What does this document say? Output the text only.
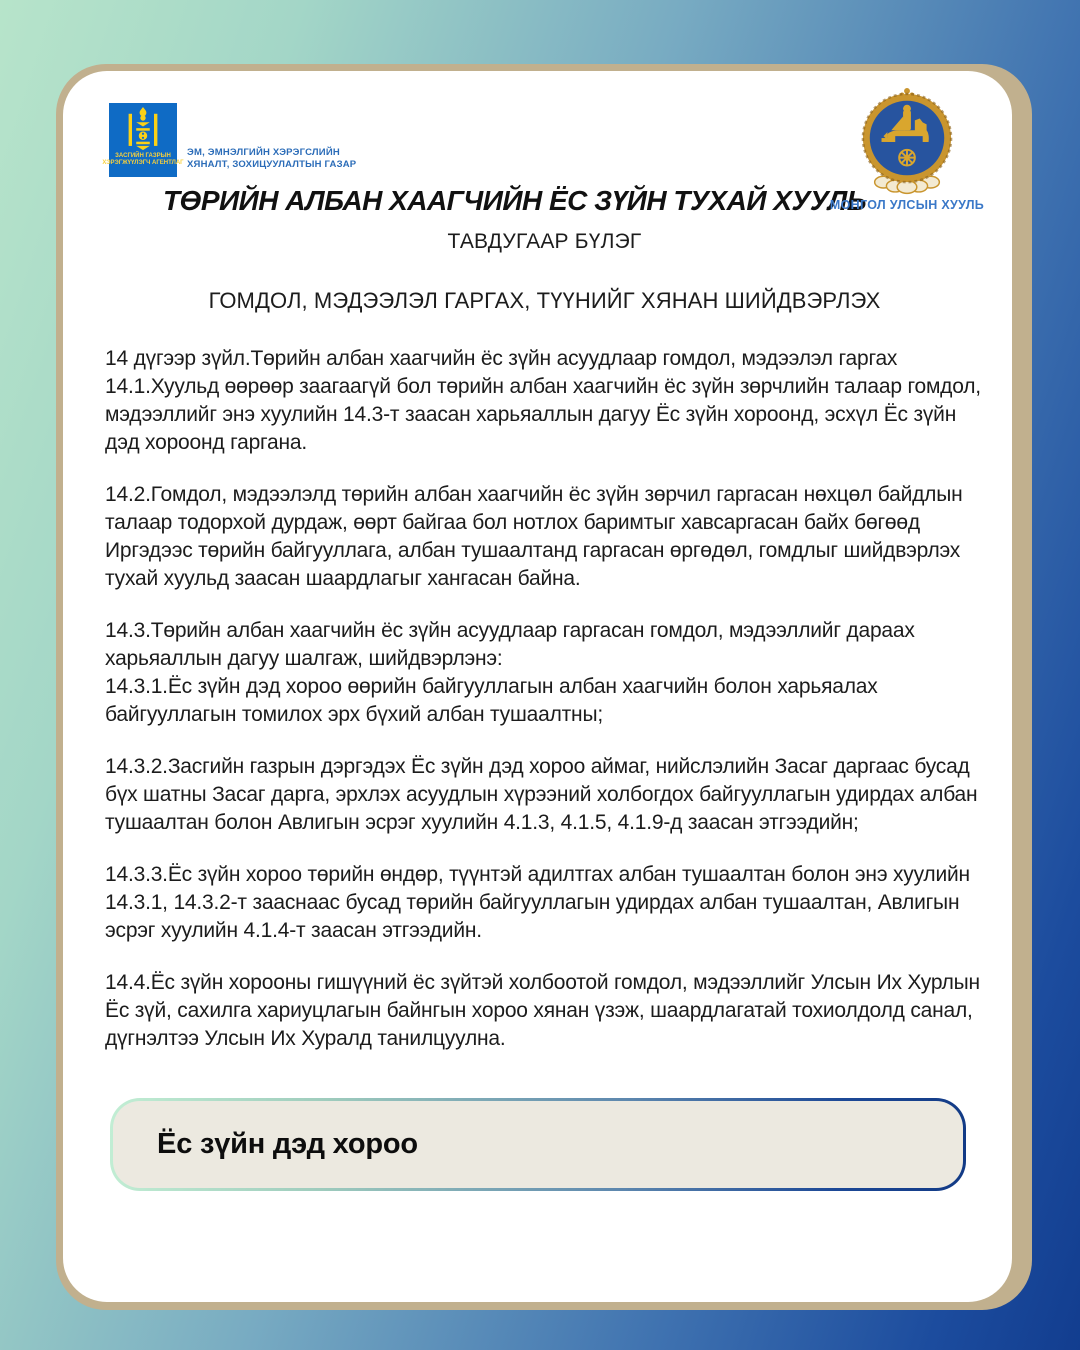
ЗАСГИЙН ГАЗРЫН
ХЭРЭГЖҮҮЛЭГЧ АГЕНТЛАГ
ЭМ, ЭМНЭЛГИЙН ХЭРЭГСЛИЙН
ХЯНАЛТ, ЗОХИЦУУЛАЛТЫН ГАЗАР
МОНГОЛ УЛСЫН ХУУЛЬ
ТӨРИЙН АЛБАН ХААГЧИЙН ЁС ЗҮЙН ТУХАЙ ХУУЛЬ
ТАВДУГААР БҮЛЭГ
ГОМДОЛ, МЭДЭЭЛЭЛ ГАРГАХ, ТҮҮНИЙГ ХЯНАН ШИЙДВЭРЛЭХ

14 дүгээр зүйл.Төрийн албан хаагчийн ёс зүйн асуудлаар гомдол, мэдээлэл гаргах

14.1.Хуульд өөрөөр заагаагүй бол төрийн албан хаагчийн ёс зүйн зөрчлийн талаар гомдол, мэдээллийг энэ хуулийн 14.3-т заасан харьяаллын дагуу Ёс зүйн хороонд, эсхүл Ёс зүйн дэд хороонд гаргана.

14.2.Гомдол, мэдээлэлд төрийн албан хаагчийн ёс зүйн зөрчил гаргасан нөхцөл байдлын талаар тодорхой дурдаж, өөрт байгаа бол нотлох баримтыг хавсаргасан байх бөгөөд Иргэдээс төрийн байгууллага, албан тушаалтанд гаргасан өргөдөл, гомдлыг шийдвэрлэх тухай хуульд заасан шаардлагыг хангасан байна.

14.3.Төрийн албан хаагчийн ёс зүйн асуудлаар гаргасан гомдол, мэдээллийг дараах харьяаллын дагуу шалгаж, шийдвэрлэнэ:

14.3.1.Ёс зүйн дэд хороо өөрийн байгууллагын албан хаагчийн болон харьяалах байгууллагын томилох эрх бүхий албан тушаалтны;

14.3.2.Засгийн газрын дэргэдэх Ёс зүйн дэд хороо аймаг, нийслэлийн Засаг даргаас бусад бүх шатны Засаг дарга, эрхлэх асуудлын хүрээний холбогдох байгууллагын удирдах албан тушаалтан болон Авлигын эсрэг хуулийн 4.1.3, 4.1.5, 4.1.9-д заасан этгээдийн;

14.3.3.Ёс зүйн хороо төрийн өндөр, түүнтэй адилтгах албан тушаалтан болон энэ хуулийн 14.3.1, 14.3.2-т зааснаас бусад төрийн байгууллагын удирдах албан тушаалтан, Авлигын эсрэг хуулийн 4.1.4-т заасан этгээдийн.

14.4.Ёс зүйн хорооны гишүүний ёс зүйтэй холбоотой гомдол, мэдээллийг Улсын Их Хурлын Ёс зүй, сахилга хариуцлагын байнгын хороо хянан үзэж, шаардлагатай тохиолдолд санал, дүгнэлтээ Улсын Их Хуралд танилцуулна.

Ёс зүйн дэд хороо
